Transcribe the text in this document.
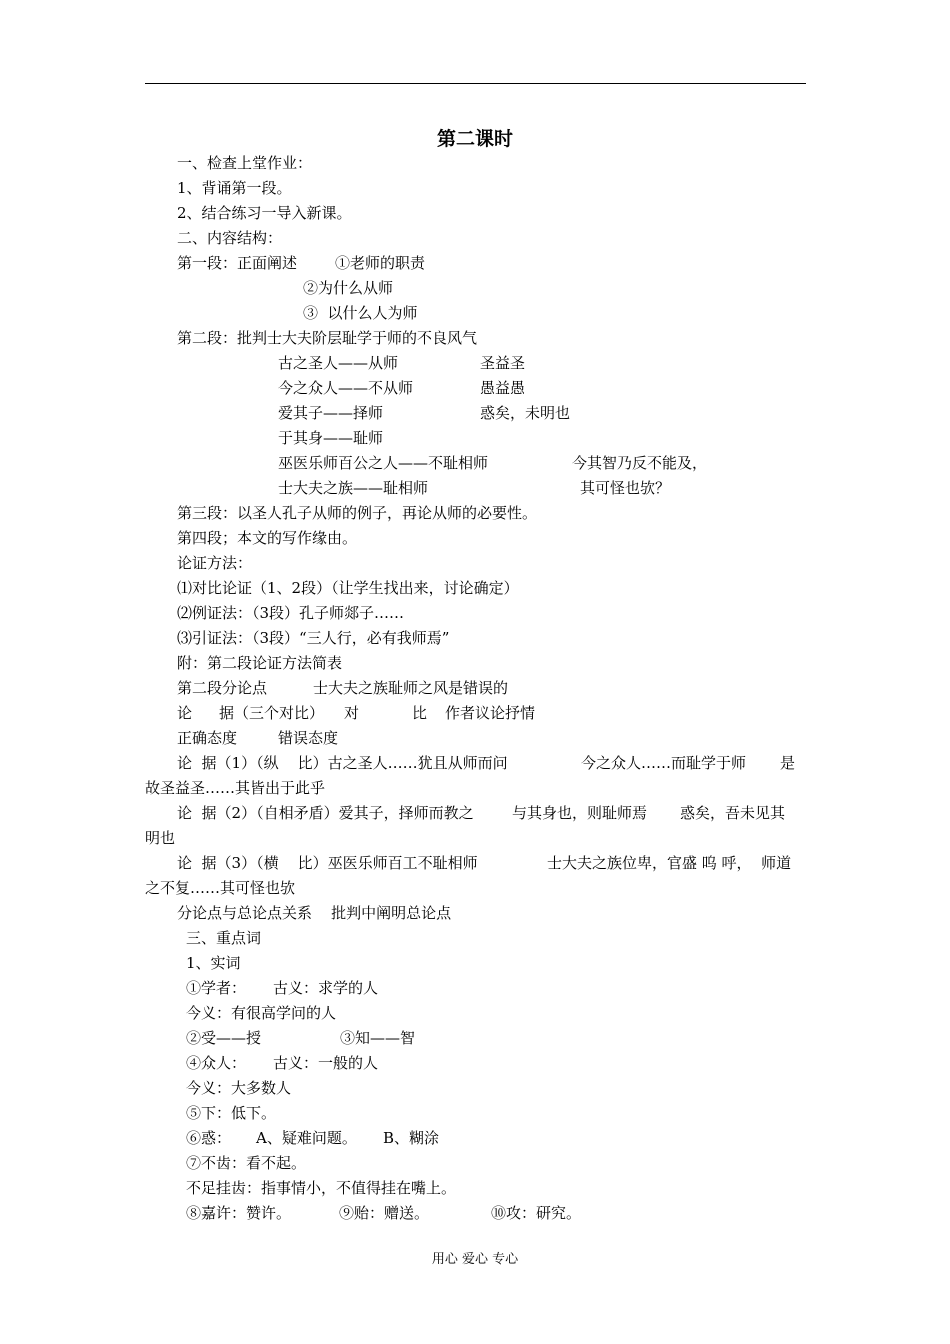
第二课时
一、检查上堂作业：
1、背诵第一段。
2、结合练习一导入新课。
二、内容结构：
第一段：正面阐述	①老师的职责
②为什么从师
③  以什么人为师
第二段：批判士大夫阶层耻学于师的不良风气
古之圣人——从师	圣益圣
今之众人——不从师	愚益愚
爱其子——择师	惑矣，未明也
于其身——耻师
巫医乐师百公之人——不耻相师	今其智乃反不能及，
士大夫之族——耻相师	其可怪也欤？
第三段：以圣人孔子从师的例子，再论从师的必要性。
第四段；本文的写作缘由。
论证方法：
⑴对比论证（1、2段）（让学生找出来，讨论确定）
⑵例证法：（3段）孔子师郯子……
⑶引证法：（3段）“三人行，必有我师焉”
附：第二段论证方法简表
第二段分论点	士大夫之族耻师之风是错误的
论 据（三个对比） 对	比 作者议论抒情
正确态度	错误态度
论  据（1）（纵    比）古之圣人……犹且从师而问	今之众人……而耻学于师 是
故圣益圣……其皆出于此乎
论  据（2）（自相矛盾）爱其子，择师而教之	与其身也，则耻师焉 惑矣，吾未见其
明也
论  据（3）（横    比）巫医乐师百工不耻相师	士大夫之族位卑，官盛 呜 呼，  师道
之不复……其可怪也欤
分论点与总论点关系    批判中阐明总论点
三、重点词
1、实词
①学者： 古义：求学的人
今义：有很高学问的人
②受——授	③知——智
④众人： 古义：一般的人
今义：大多数人
⑤下：低下。
⑥惑： A、疑难问题。 B、糊涂
⑦不齿：看不起。
不足挂齿：指事情小，不值得挂在嘴上。
⑧嘉许：赞许。	⑨贻：赠送。	⑩攻：研究。
用心 爱心 专心
